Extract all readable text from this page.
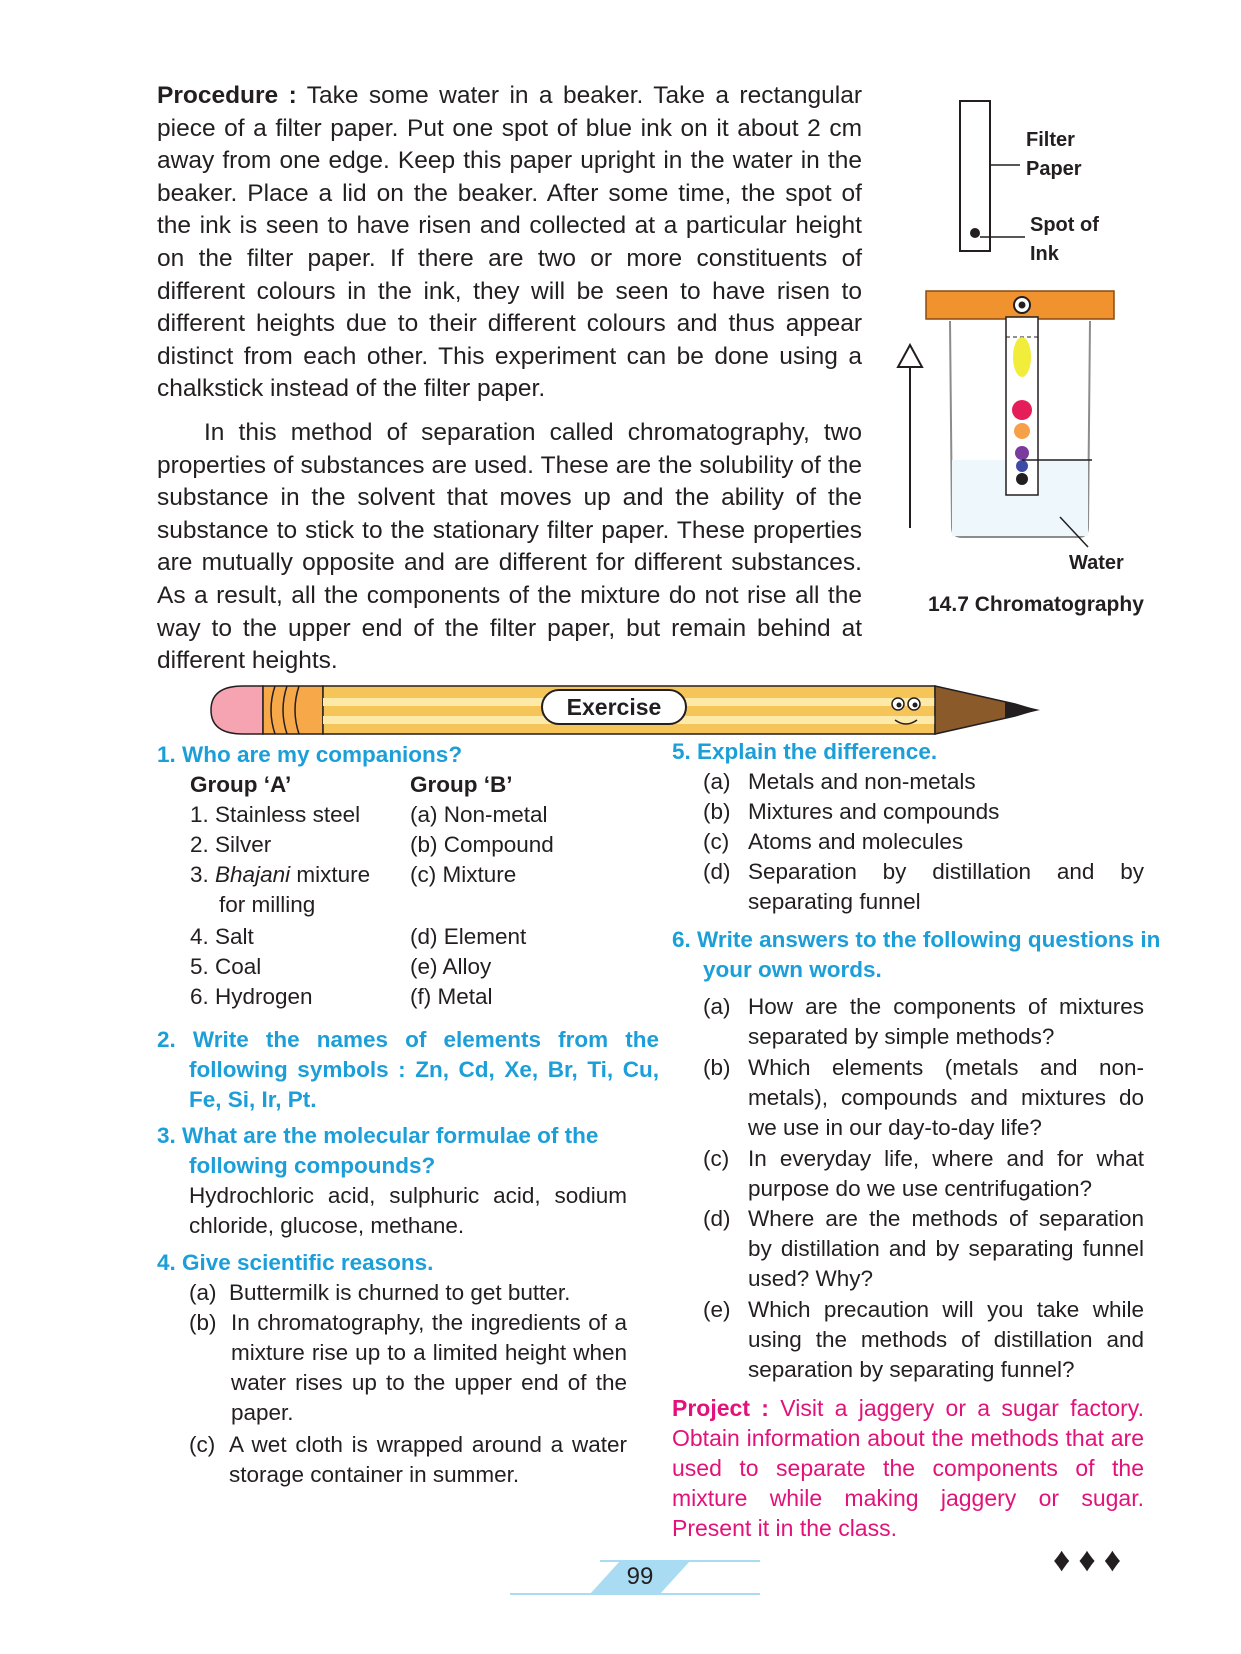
Procedure : Take some water in a beaker. Take a rectangular piece of a filter paper. Put one spot of blue ink on it about 2 cm away from one edge. Keep this paper upright in the water in the beaker. Place a lid on the beaker. After some time, the spot of the ink is seen to have risen and collected at a particular height on the filter paper. If there are two or more constituents of different colours in the ink, they will be seen to have risen to different heights due to their different colours and thus appear distinct from each other. This experiment can be done using a chalkstick instead of the filter paper.

In this method of separation called chromatography, two properties of substances are used. These are the solubility of the substance in the solvent that moves up and the ability of the substance to stick to the stationary filter paper. These properties are mutually opposite and are different for different substances. As a result, all the components of the mixture do not rise all the way to the upper end of the filter paper, but remain behind at different heights.

Filter
Paper
Spot of
Ink
Water
14.7 Chromatography
Exercise

1. Who are my companions?

Group ‘A’	Group ‘B’

1. Stainless steel

2. Silver

3. Bhajani mixture

for milling

4. Salt

5. Coal

6. Hydrogen

(a) Non-metal

(b) Compound

(c) Mixture

(d) Element

(e) Alloy

(f) Metal

2. Write the names of elements from the following symbols : Zn, Cd, Xe, Br, Ti, Cu, Fe, Si, Ir, Pt.

3. What are the molecular formulae of the following compounds?

Hydrochloric acid, sulphuric acid, sodium chloride, glucose, methane.

4. Give scientific reasons.

(a) Buttermilk is churned to get butter.

(b) In chromatography, the ingredients of a mixture rise up to a limited height when water rises up to the upper end of the paper.

(c) A wet cloth is wrapped around a water storage container in summer.

5. Explain the difference.

(a) Metals and non-metals

(b) Mixtures and compounds

(c) Atoms and molecules

(d) Separation by distillation and by separating funnel

6. Write answers to the following questions in your own words.

(a) How are the components of mixtures separated by simple methods?

(b) Which elements (metals and non-metals), compounds and mixtures do we use in our day-to-day life?

(c) In everyday life, where and for what purpose do we use centrifugation?

(d) Where are the methods of separation by distillation and by separating funnel used? Why?

(e) Which precaution will you take while using the methods of distillation and separation by separating funnel?

Project : Visit a jaggery or a sugar factory. Obtain information about the methods that are used to separate the components of the mixture while making jaggery or sugar. Present it in the class.

99	♦♦♦
